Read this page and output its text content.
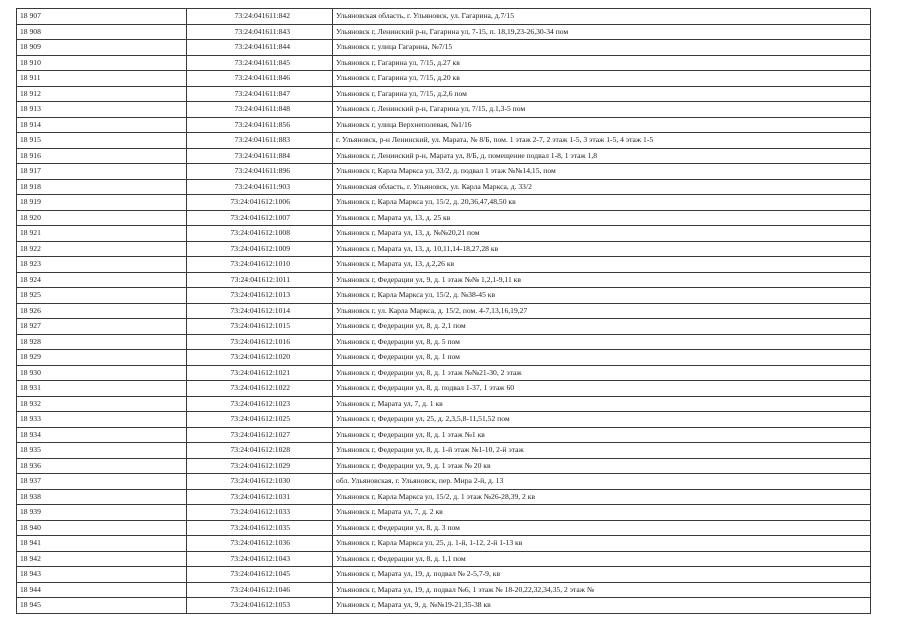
18 907	73:24:041611:842	Ульяновская область, г. Ульяновск, ул. Гагарина, д.7/15
18 908	73:24:041611:843	Ульяновск г, Ленинский р-н, Гагарина ул, 7-15, п. 18,19,23-26,30-34 пом
18 909	73:24:041611:844	Ульяновск г, улица Гагарина, №7/15
18 910	73:24:041611:845	Ульяновск г, Гагарина ул, 7/15, д.27 кв
18 911	73:24:041611:846	Ульяновск г, Гагарина ул, 7/15, д.20 кв
18 912	73:24:041611:847	Ульяновск г, Гагарина ул, 7/15, д.2,6 пом
18 913	73:24:041611:848	Ульяновск г, Ленинский р-н, Гагарина ул, 7/15, д.1,3-5 пом
18 914	73:24:041611:856	Ульяновск г, улица Верхнеполевая, №1/16
18 915	73:24:041611:883	г. Ульяновск, р-н Ленинский, ул. Марата, № 8/Б, пом. 1 этаж 2-7, 2 этаж 1-5, 3 этаж 1-5, 4 этаж 1-5
18 916	73:24:041611:884	Ульяновск г, Ленинский р-н, Марата ул, 8/Б, д. помещение подвал 1-8, 1 этаж 1,8
18 917	73:24:041611:896	Ульяновск г, Карла Маркса ул, 33/2, д. подвал 1 этаж №№14,15, пом
18 918	73:24:041611:903	Ульяновская область, г. Ульяновск, ул. Карла Маркса, д. 33/2
18 919	73:24:041612:1006	Ульяновск г, Карла Маркса ул, 15/2, д. 20,36,47,48,50 кв
18 920	73:24:041612:1007	Ульяновск г, Марата ул, 13, д. 25 кв
18 921	73:24:041612:1008	Ульяновск г, Марата ул, 13, д. №№20,21 пом
18 922	73:24:041612:1009	Ульяновск г, Марата ул, 13, д. 10,11,14-18,27,28 кв
18 923	73:24:041612:1010	Ульяновск г, Марата ул, 13, д.2,26 кв
18 924	73:24:041612:1011	Ульяновск г, Федерации ул, 9, д. 1 этаж №№ 1,2,1-9,11 кв
18 925	73:24:041612:1013	Ульяновск г, Карла Маркса ул, 15/2, д. №38-45 кв
18 926	73:24:041612:1014	Ульяновск г, ул. Карла Маркса, д. 15/2, пом. 4-7,13,16,19,27
18 927	73:24:041612:1015	Ульяновск г, Федерации ул, 8, д. 2,1 пом
18 928	73:24:041612:1016	Ульяновск г, Федерации ул, 8, д. 5 пом
18 929	73:24:041612:1020	Ульяновск г, Федерации ул, 8, д. 1 пом
18 930	73:24:041612:1021	Ульяновск г, Федерации ул, 8, д. 1 этаж №№21-30, 2 этаж
18 931	73:24:041612:1022	Ульяновск г, Федерации ул, 8, д. подвал 1-37, 1 этаж 60
18 932	73:24:041612:1023	Ульяновск г, Марата ул, 7, д. 1 кв
18 933	73:24:041612:1025	Ульяновск г, Федерации ул, 25, д. 2,3,5,8-11,51,52 пом
18 934	73:24:041612:1027	Ульяновск г, Федерации ул, 8, д. 1 этаж №1 кв
18 935	73:24:041612:1028	Ульяновск г, Федерации ул, 8, д. 1-й этаж №1-10, 2-й этаж
18 936	73:24:041612:1029	Ульяновск г, Федерации ул, 9, д. 1 этаж № 20 кв
18 937	73:24:041612:1030	обл. Ульяновская, г. Ульяновск, пер. Мира 2-й, д. 13
18 938	73:24:041612:1031	Ульяновск г, Карла Маркса ул, 15/2, д. 1 этаж №26-28,39, 2 кв
18 939	73:24:041612:1033	Ульяновск г, Марата ул, 7, д. 2 кв
18 940	73:24:041612:1035	Ульяновск г, Федерации ул, 8, д. 3 пом
18 941	73:24:041612:1036	Ульяновск г, Карла Маркса ул, 25, д. 1-й, 1-12, 2-й 1-13 кв
18 942	73:24:041612:1043	Ульяновск г, Федерации ул, 8, д. 1,1 пом
18 943	73:24:041612:1045	Ульяновск г, Марата ул, 19, д. подвал № 2-5,7-9, кв
18 944	73:24:041612:1046	Ульяновск г, Марата ул, 19, д. подвал №6, 1 этаж № 18-20,22,32,34,35, 2 этаж №
18 945	73:24:041612:1053	Ульяновск г, Марата ул, 9, д. №№19-21,35-38 кв
